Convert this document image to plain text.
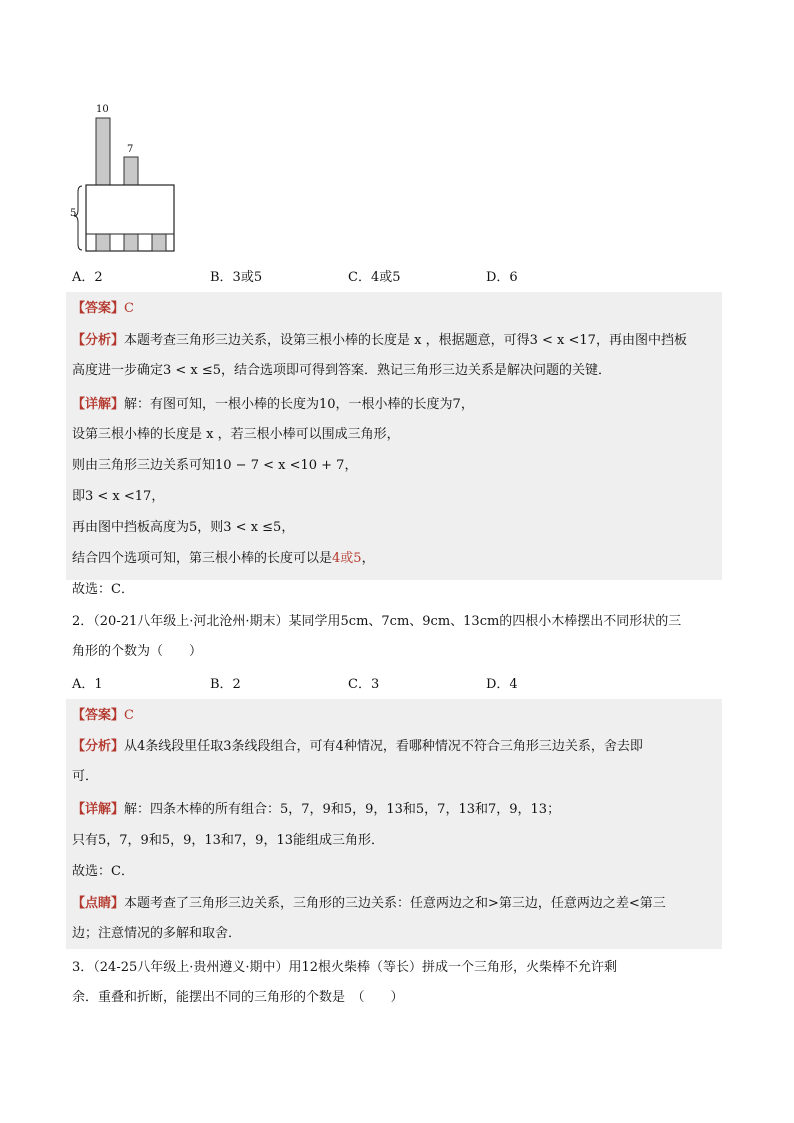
10
7
5
A．2	B．3或5	C．4或5	D．6
【答案】C
【分析】本题考查三角形三边关系，设第三根小棒的长度是 x ，根据题意，可得3 < x <17，再由图中挡板
高度进一步确定3 < x ≤5，结合选项即可得到答案．熟记三角形三边关系是解决问题的关键．
【详解】解：有图可知，一根小棒的长度为10，一根小棒的长度为7，
设第三根小棒的长度是 x ，若三根小棒可以围成三角形，
则由三角形三边关系可知10 − 7 < x <10 + 7，
即3 < x <17，
再由图中挡板高度为5，则3 < x ≤5，
结合四个选项可知，第三根小棒的长度可以是4或5，
故选：C．
2．（20-21八年级上·河北沧州·期末）某同学用5cm、7cm、9cm、13cm的四根小木棒摆出不同形状的三
角形的个数为（　　）
A．1	B．2	C．3	D．4
【答案】C
【分析】从4条线段里任取3条线段组合，可有4种情况，看哪种情况不符合三角形三边关系，舍去即
可．
【详解】解：四条木棒的所有组合：5，7，9和5，9，13和5，7，13和7，9，13；
只有5，7，9和5，9，13和7，9，13能组成三角形．
故选：C．
【点睛】本题考查了三角形三边关系，三角形的三边关系：任意两边之和>第三边，任意两边之差<第三
边；注意情况的多解和取舍．
3．（24-25八年级上·贵州遵义·期中）用12根火柴棒（等长）拼成一个三角形，火柴棒不允许剩
余．重叠和折断，能摆出不同的三角形的个数是　（　　）
